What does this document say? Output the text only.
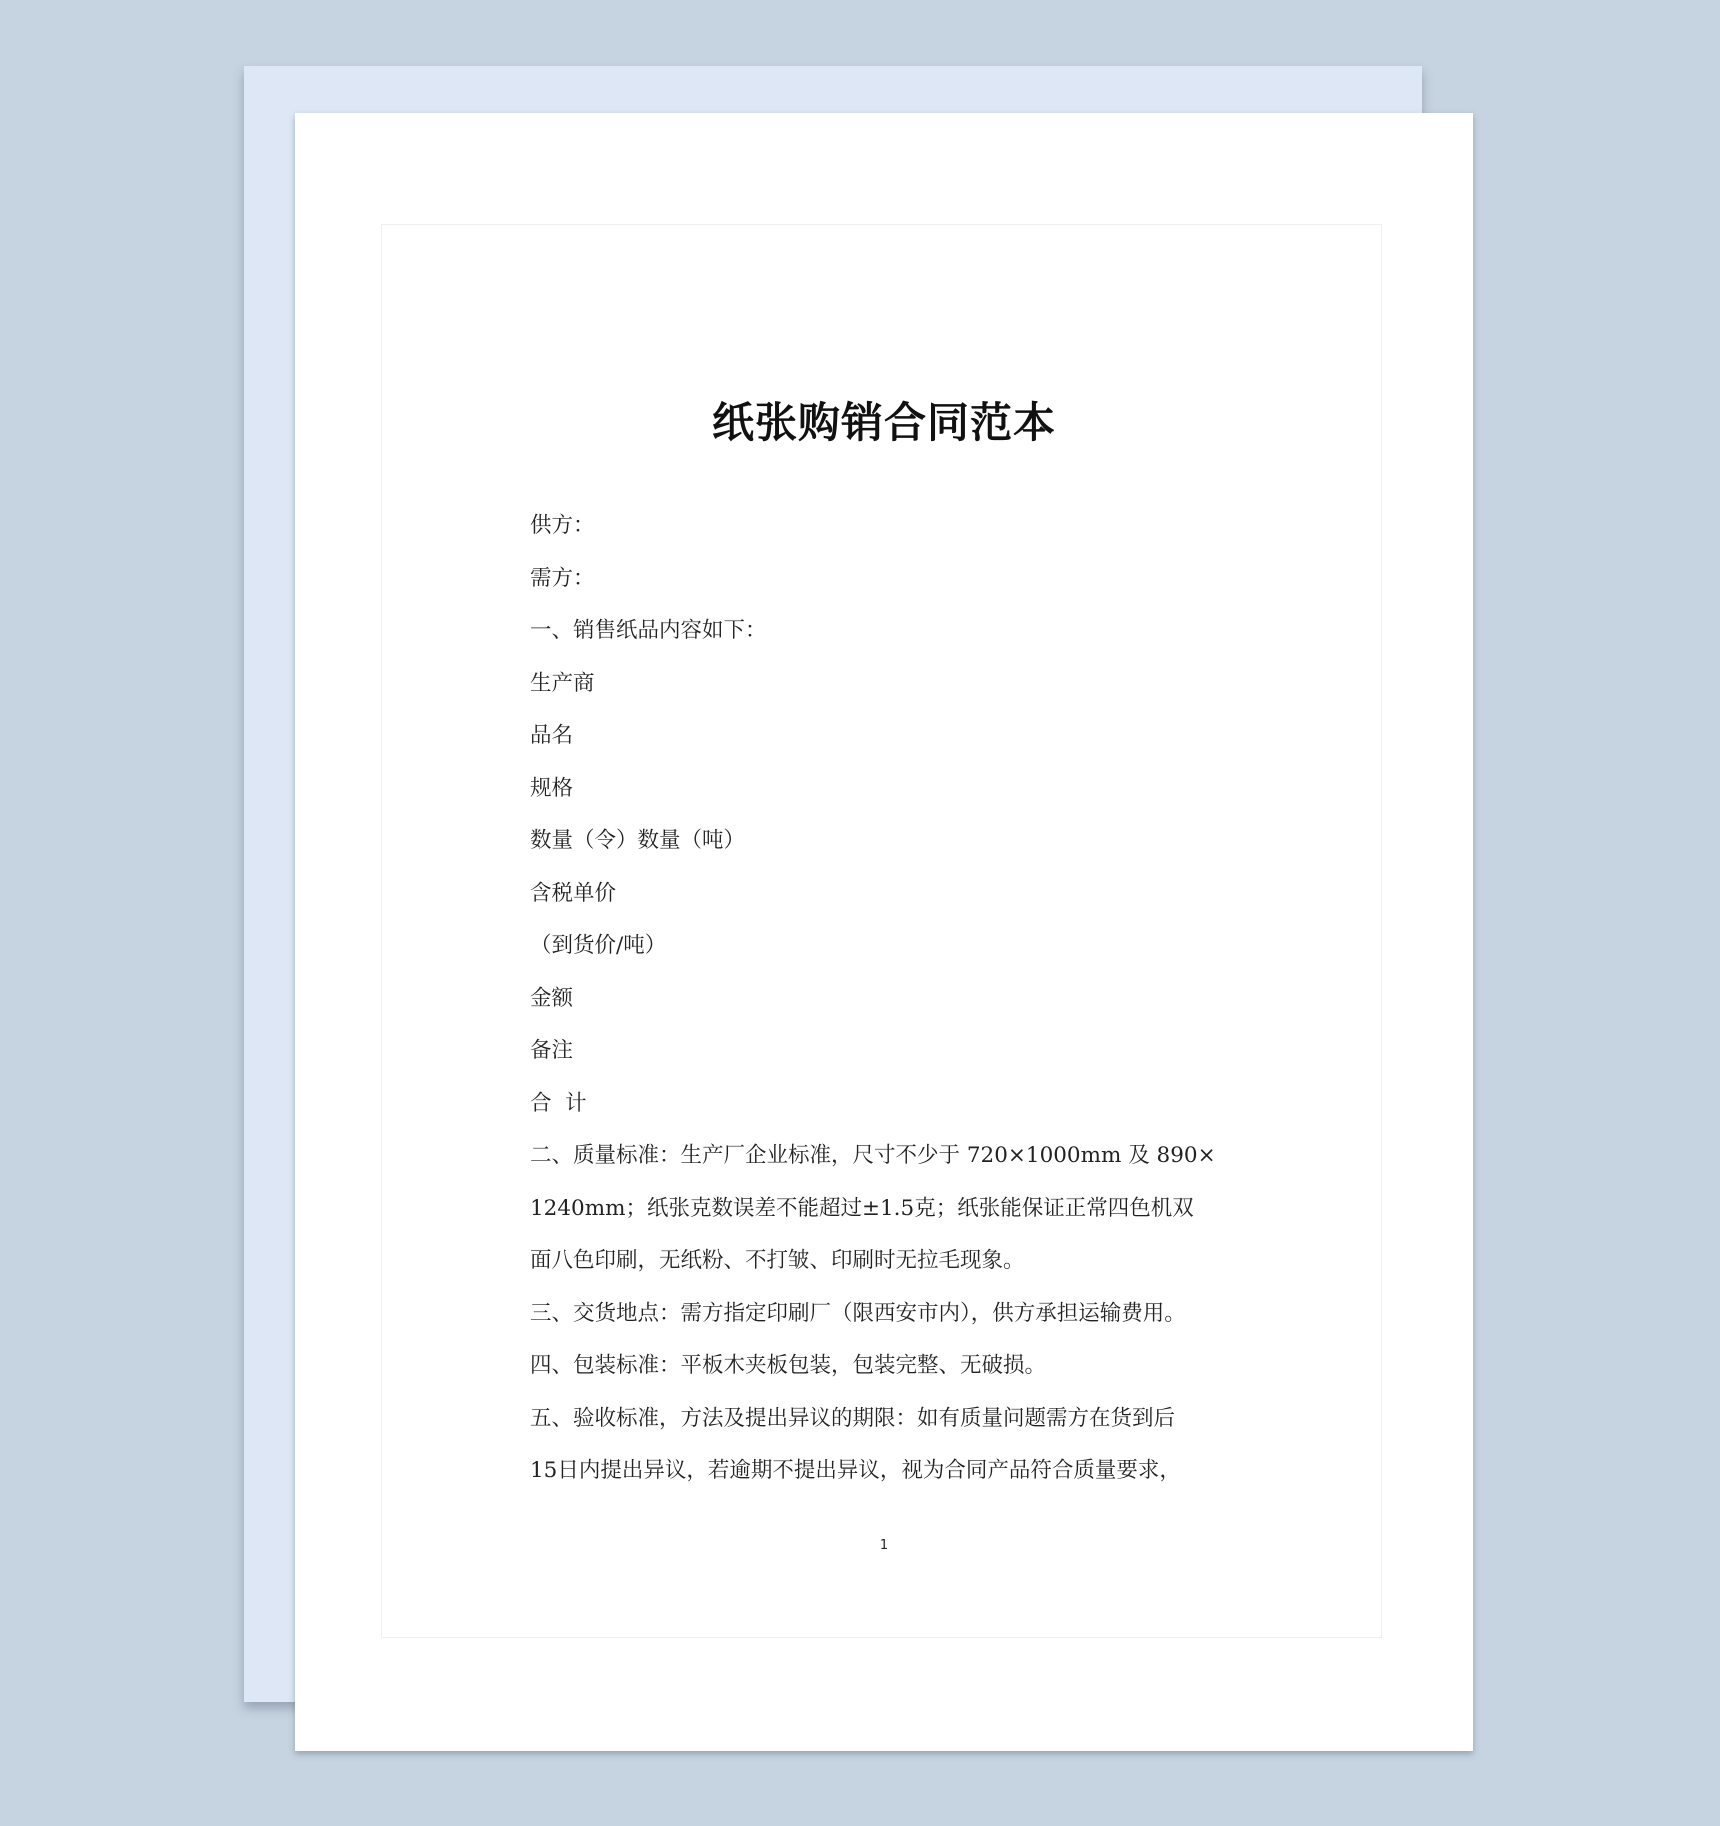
纸张购销合同范本
供方：
需方：
一、销售纸品内容如下：
生产商
品名
规格
数量（令）数量（吨）
含税单价
（到货价/吨）
金额
备注
合  计
二、质量标准：生产厂企业标准，尺寸不少于 720×1000mm 及 890×
1240mm；纸张克数误差不能超过±1.5克；纸张能保证正常四色机双
面八色印刷，无纸粉、不打皱、印刷时无拉毛现象。
三、交货地点：需方指定印刷厂（限西安市内），供方承担运输费用。
四、包装标准：平板木夹板包装，包装完整、无破损。
五、验收标准，方法及提出异议的期限：如有质量问题需方在货到后
15日内提出异议，若逾期不提出异议，视为合同产品符合质量要求，
1
